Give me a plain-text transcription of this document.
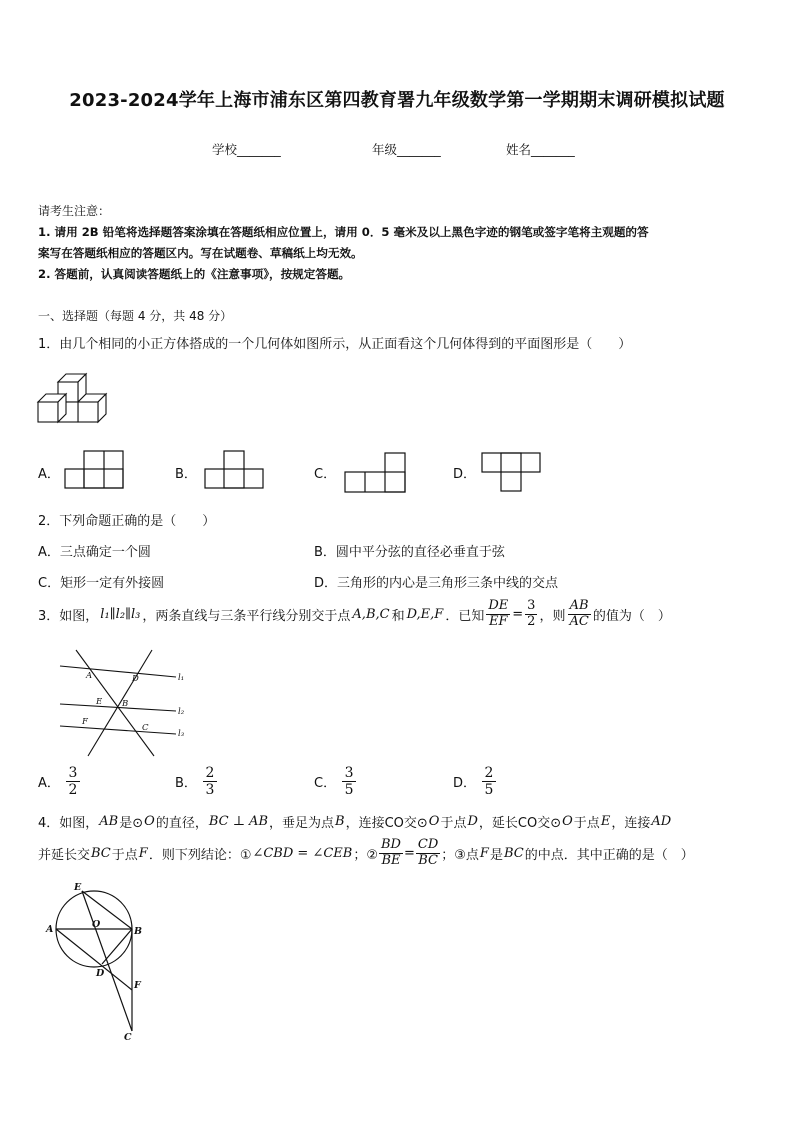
2023-2024学年上海市浦东区第四教育署九年级数学第一学期期末调研模拟试题
学校_______	年级_______	姓名_______
请考生注意：
1. 请用 2B 铅笔将选择题答案涂填在答题纸相应位置上，请用 0．5 毫米及以上黑色字迹的钢笔或签字笔将主观题的答
案写在答题纸相应的答题区内。写在试题卷、草稿纸上均无效。
2. 答题前，认真阅读答题纸上的《注意事项》，按规定答题。
一、选择题（每题 4 分，共 48 分）
1．由几个相同的小正方体搭成的一个几何体如图所示，从正面看这个几何体得到的平面图形是（　　）
A．	B．	C．	D．
2．下列命题正确的是（　　）
A．三点确定一个圆	B．圆中平分弦的直径必垂直于弦
C．矩形一定有外接圆	D．三角形的内心是三角形三条中线的交点
3．如图， l₁∥l₂∥l₃ ，两条直线与三条平行线分别交于点 A,B,C 和 D,E,F ．已知 $\frac{DE}{EF} = \frac{3}{2}$ ，则 $\frac{AB}{AC}$ 的值为（　）
A	D
E B
F
C
l₁
l₂
l₃
A． $\frac{3}{2}$	B． $\frac{2}{3}$	C． $\frac{3}{5}$	D． $\frac{2}{5}$
4．如图， AB 是⊙ O 的直径， BC ⊥ AB ，垂足为点 B ，连接CO交⊙ O 于点 D ，延长CO交⊙ O 于点 E ，连接 AD
并延长交 BC 于点 F ．则下列结论：① ∠CBD = ∠CEB ；② $\frac{BD}{BE} = \frac{CD}{BC}$ ；③点 F 是 BC 的中点．其中正确的是（　）
E
A	O
B
D
F
C
